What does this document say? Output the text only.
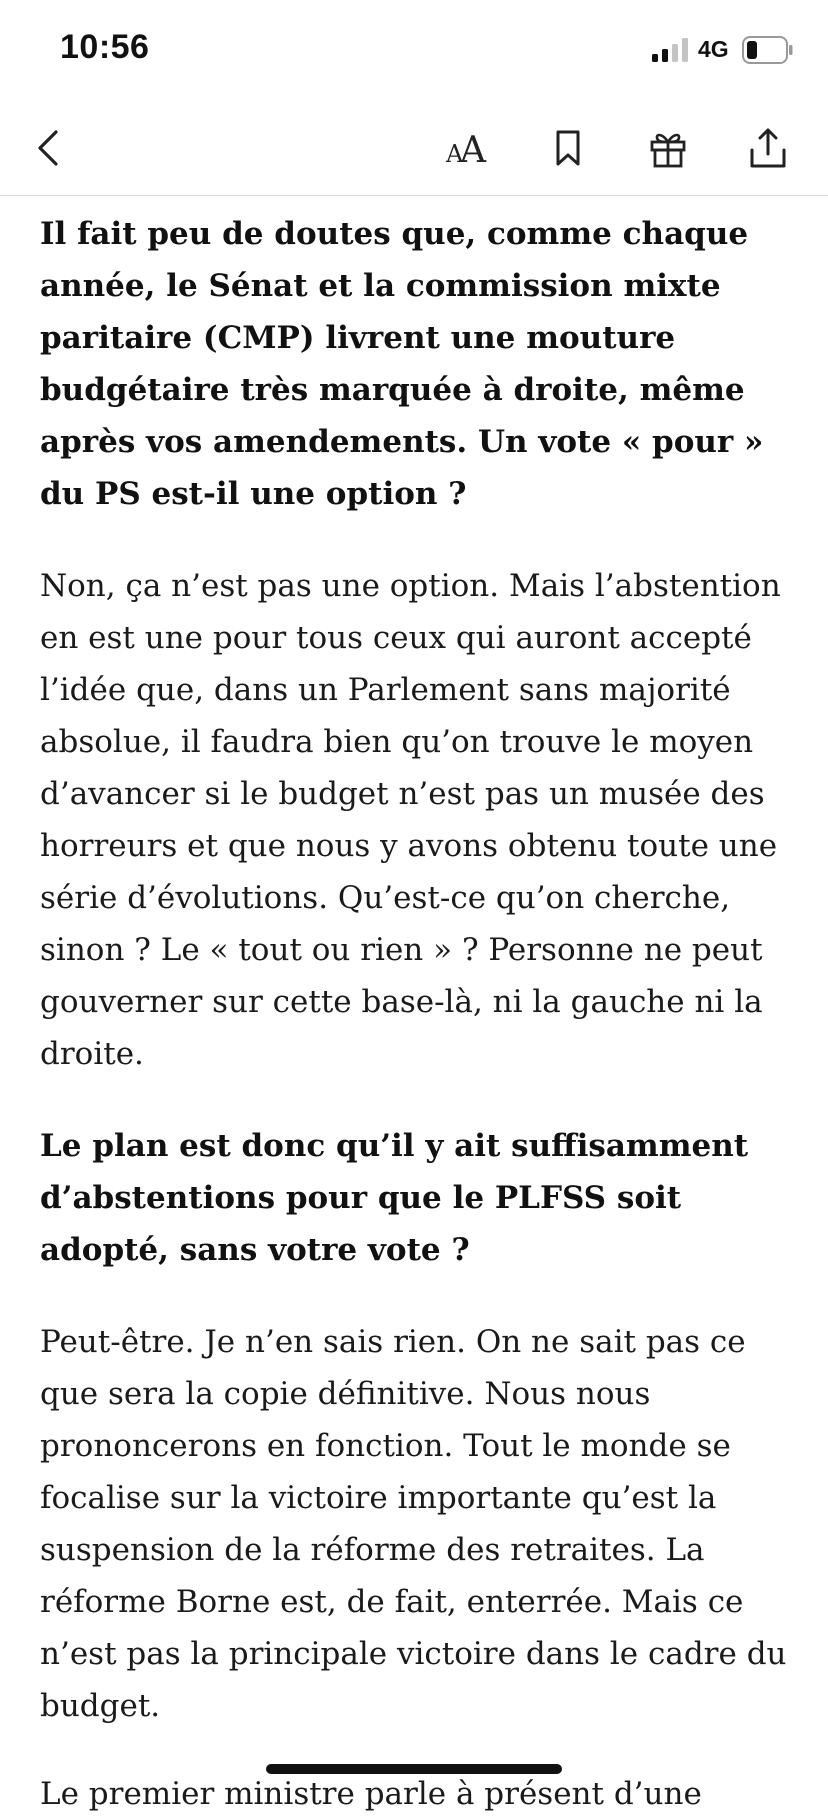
10:56	4G
A
A

Il fait peu de doutes que, comme chaque année, le Sénat et la commission mixte paritaire (CMP) livrent une mouture budgétaire très marquée à droite, même après vos amendements. Un vote « pour » du PS est-il une option ?

Non, ça n’est pas une option. Mais l’abstention en est une pour tous ceux qui auront accepté l’idée que, dans un Parlement sans majorité absolue, il faudra bien qu’on trouve le moyen d’avancer si le budget n’est pas un musée des horreurs et que nous y avons obtenu toute une série d’évolutions. Qu’est-ce qu’on cherche, sinon ? Le « tout ou rien » ? Personne ne peut gouverner sur cette base-là, ni la gauche ni la droite.

Le plan est donc qu’il y ait suffisamment d’abstentions pour que le PLFSS soit adopté, sans votre vote ?

Peut-être. Je n’en sais rien. On ne sait pas ce que sera la copie définitive. Nous nous prononcerons en fonction. Tout le monde se focalise sur la victoire importante qu’est la suspension de la réforme des retraites. La réforme Borne est, de fait, enterrée. Mais ce n’est pas la principale victoire dans le cadre du budget.

Le premier ministre parle à présent d’une
